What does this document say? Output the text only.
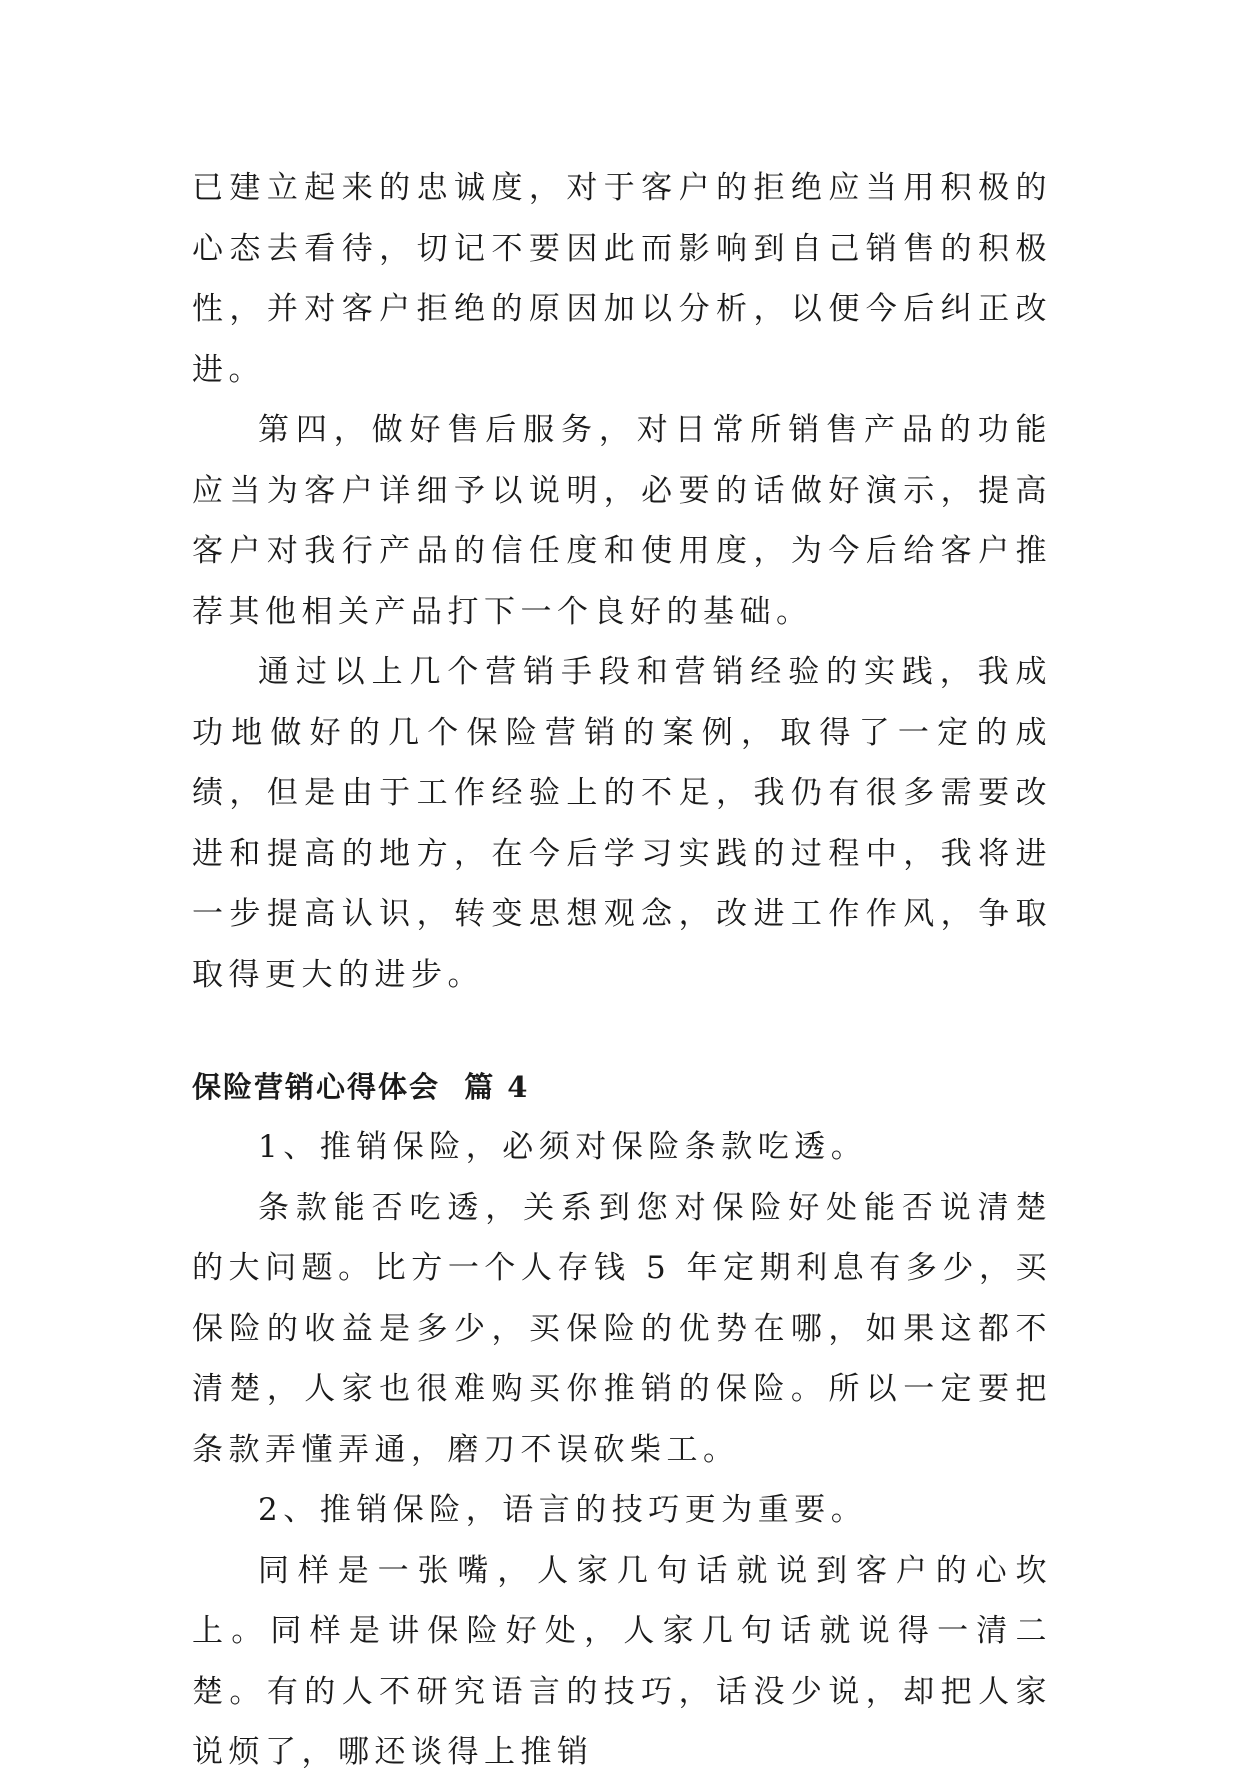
已建立起来的忠诚度，对于客户的拒绝应当用积极的心态去看待，切记不要因此而影响到自己销售的积极性，并对客户拒绝的原因加以分析，以便今后纠正改进。

第四，做好售后服务，对日常所销售产品的功能应当为客户详细予以说明，必要的话做好演示，提高客户对我行产品的信任度和使用度，为今后给客户推荐其他相关产品打下一个良好的基础。

通过以上几个营销手段和营销经验的实践，我成功地做好的几个保险营销的案例，取得了一定的成绩，但是由于工作经验上的不足，我仍有很多需要改进和提高的地方，在今后学习实践的过程中，我将进一步提高认识，转变思想观念，改进工作作风，争取取得更大的进步。

保险营销心得体会  篇 4

1、推销保险，必须对保险条款吃透。

条款能否吃透，关系到您对保险好处能否说清楚的大问题。比方一个人存钱 5 年定期利息有多少，买保险的收益是多少，买保险的优势在哪，如果这都不清楚，人家也很难购买你推销的保险。所以一定要把条款弄懂弄通，磨刀不误砍柴工。

2、推销保险，语言的技巧更为重要。

同样是一张嘴，人家几句话就说到客户的心坎上。同样是讲保险好处，人家几句话就说得一清二楚。有的人不研究语言的技巧，话没少说，却把人家说烦了，哪还谈得上推销
